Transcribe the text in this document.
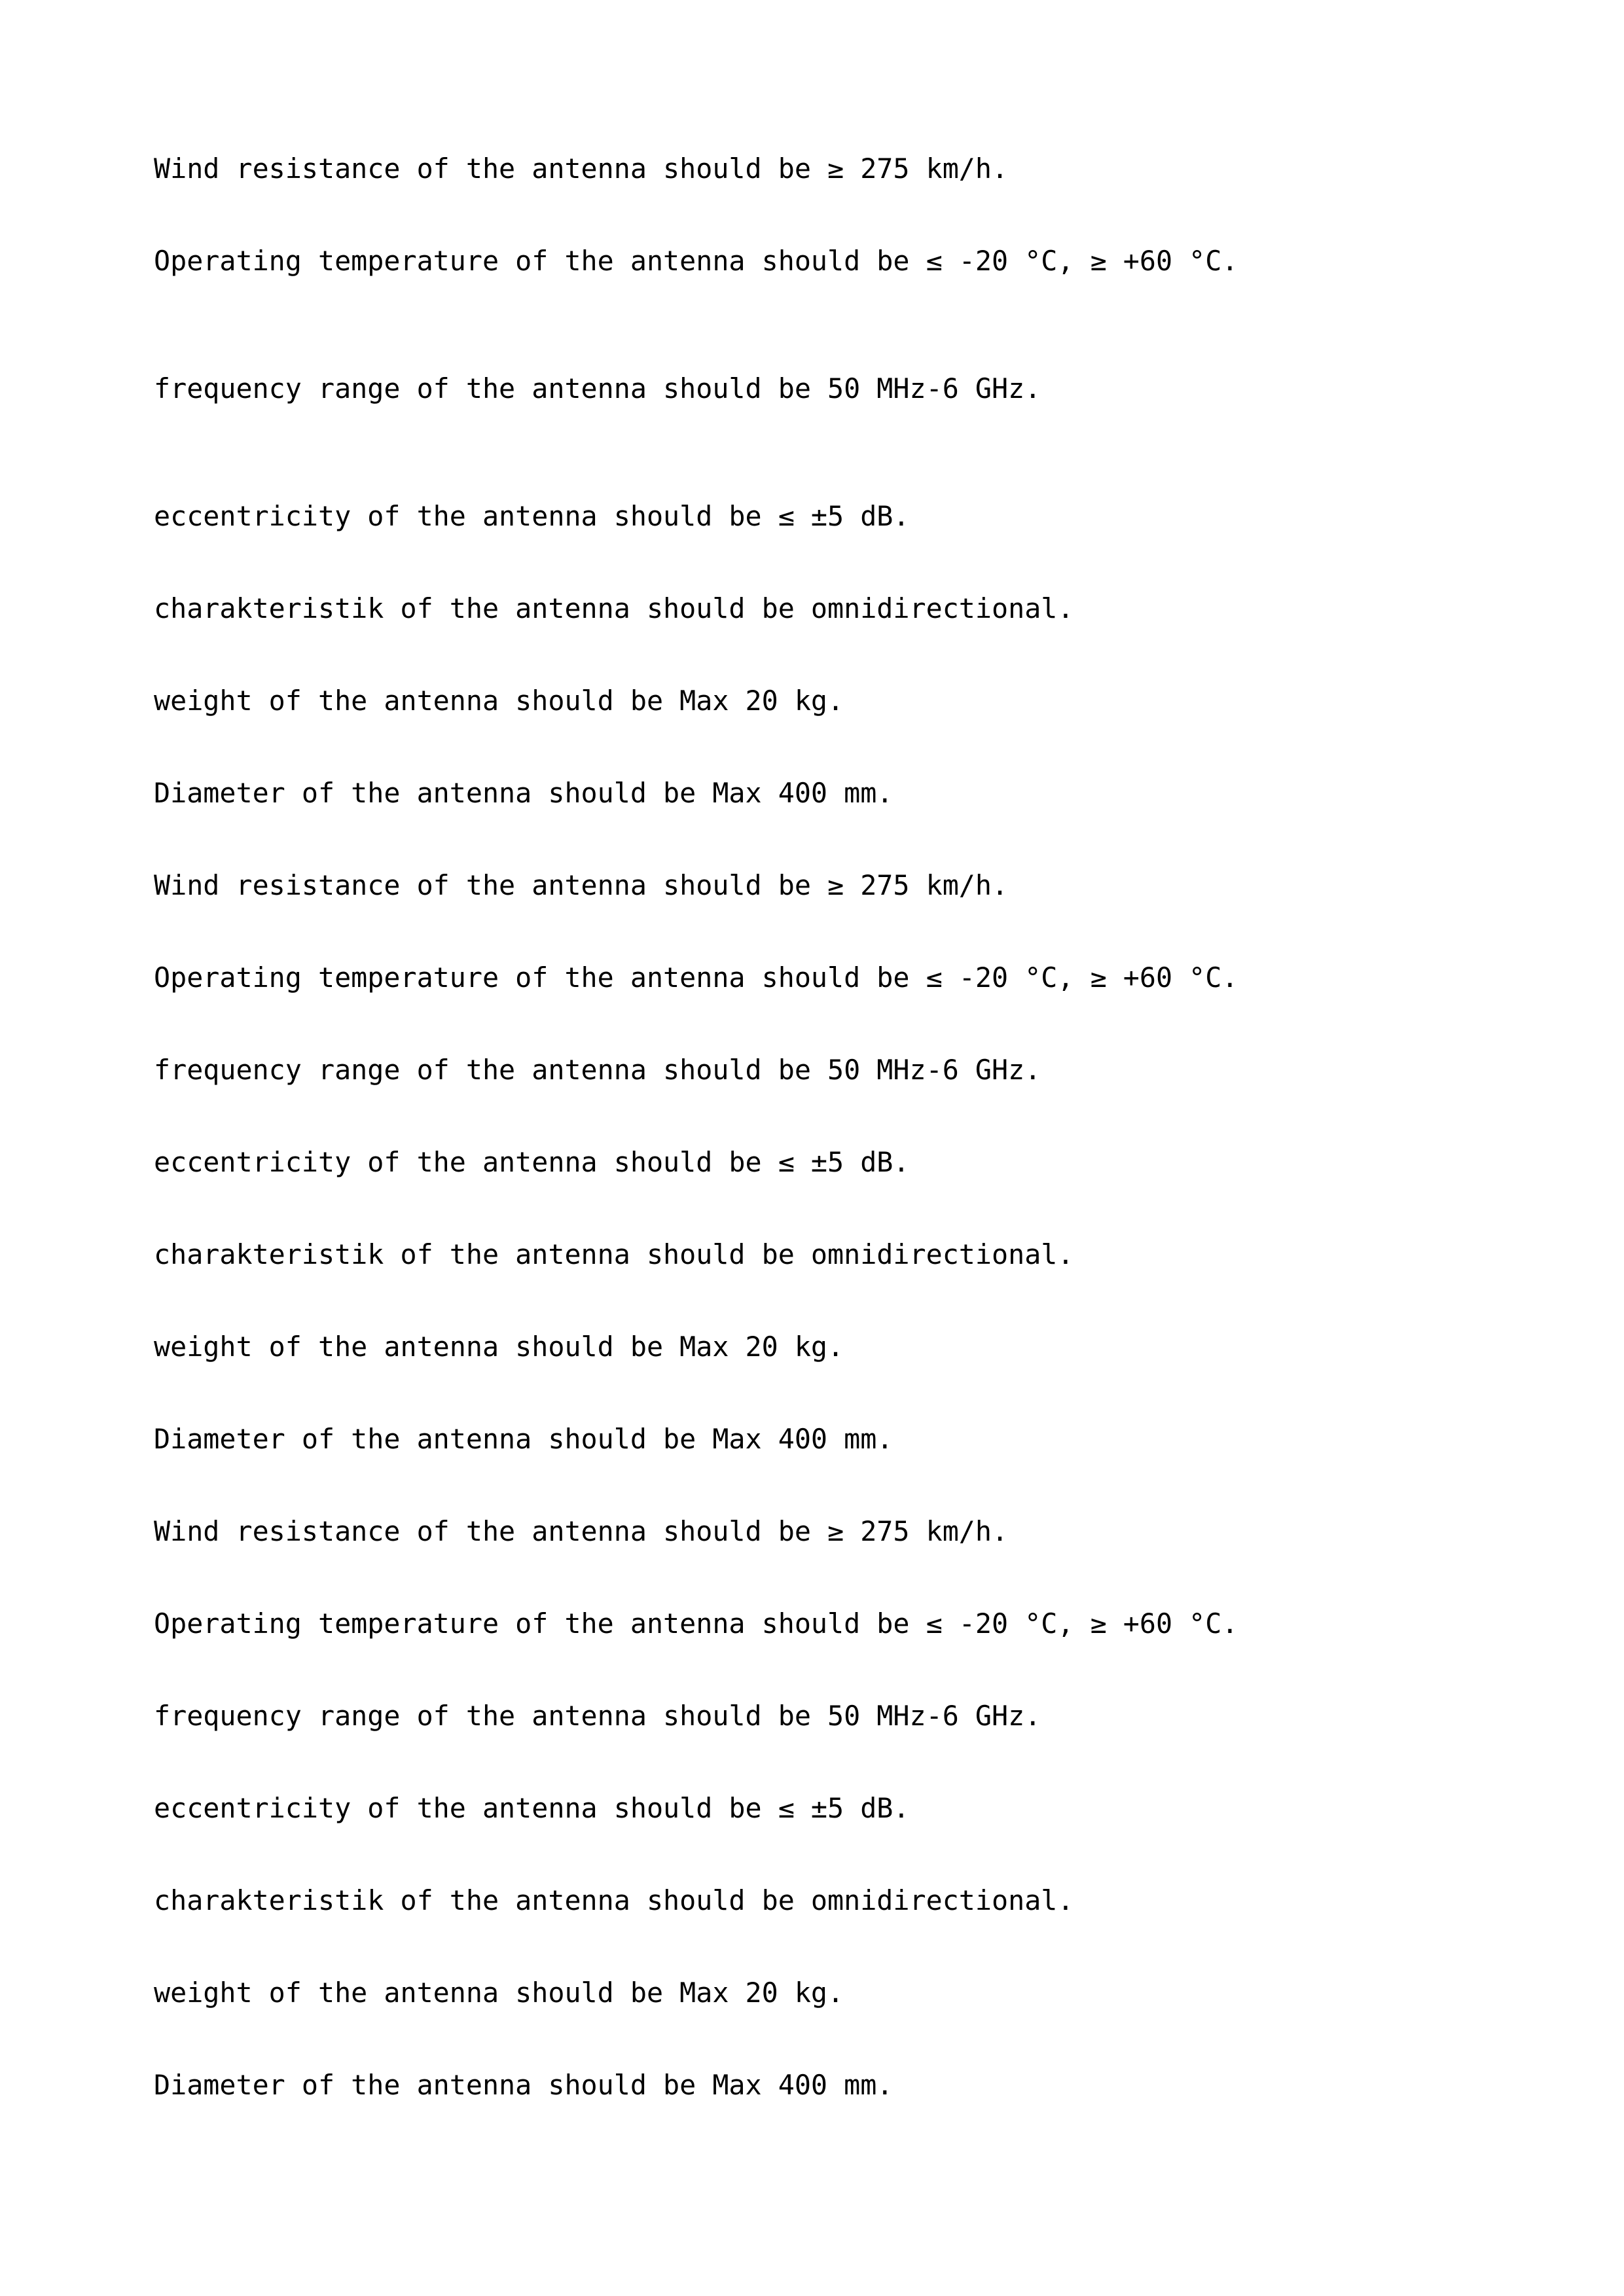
Wind resistance of the antenna should be ≥ 275 km/h.

Operating temperature of the antenna should be ≤ -20 °C, ≥ +60 °C.

frequency range of the antenna should be 50 MHz-6 GHz.

eccentricity of the antenna should be ≤ ±5 dB.

charakteristik of the antenna should be omnidirectional.

weight of the antenna should be Max 20 kg.

Diameter of the antenna should be Max 400 mm.

Wind resistance of the antenna should be ≥ 275 km/h.

Operating temperature of the antenna should be ≤ -20 °C, ≥ +60 °C.

frequency range of the antenna should be 50 MHz-6 GHz.

eccentricity of the antenna should be ≤ ±5 dB.

charakteristik of the antenna should be omnidirectional.

weight of the antenna should be Max 20 kg.

Diameter of the antenna should be Max 400 mm.

Wind resistance of the antenna should be ≥ 275 km/h.

Operating temperature of the antenna should be ≤ -20 °C, ≥ +60 °C.

frequency range of the antenna should be 50 MHz-6 GHz.

eccentricity of the antenna should be ≤ ±5 dB.

charakteristik of the antenna should be omnidirectional.

weight of the antenna should be Max 20 kg.

Diameter of the antenna should be Max 400 mm.
